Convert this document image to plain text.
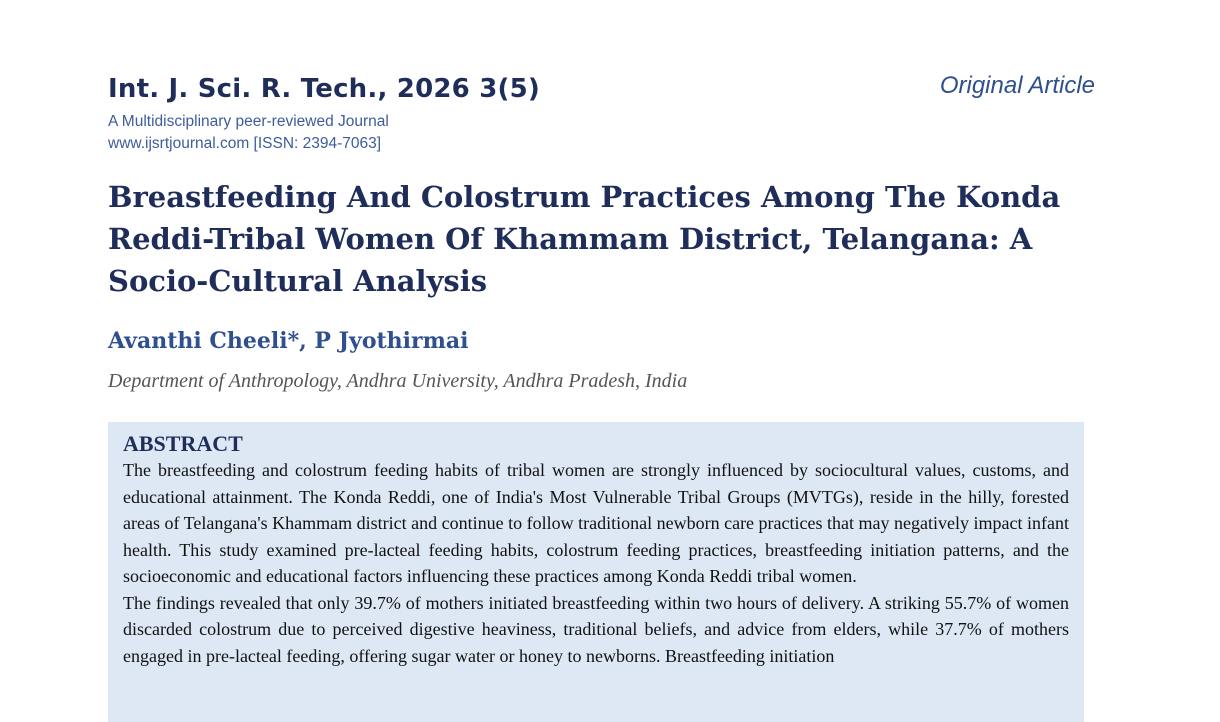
Int. J. Sci. R. Tech., 2026 3(5)	Original Article
A Multidisciplinary peer-reviewed Journal
www.ijsrtjournal.com [ISSN: 2394-7063]
Breastfeeding And Colostrum Practices Among The Konda Reddi-Tribal Women Of Khammam District, Telangana: A Socio-Cultural Analysis
Avanthi Cheeli*, P Jyothirmai
Department of Anthropology, Andhra University, Andhra Pradesh, India
ABSTRACT

The breastfeeding and colostrum feeding habits of tribal women are strongly influenced by sociocultural values, customs, and educational attainment. The Konda Reddi, one of India's Most Vulnerable Tribal Groups (MVTGs), reside in the hilly, forested areas of Telangana's Khammam district and continue to follow traditional newborn care practices that may negatively impact infant health. This study examined pre-lacteal feeding habits, colostrum feeding practices, breastfeeding initiation patterns, and the socioeconomic and educational factors influencing these practices among Konda Reddi tribal women.

The findings revealed that only 39.7% of mothers initiated breastfeeding within two hours of delivery. A striking 55.7% of women discarded colostrum due to perceived digestive heaviness, traditional beliefs, and advice from elders, while 37.7% of mothers engaged in pre-lacteal feeding, offering sugar water or honey to newborns. Breastfeeding initiation
